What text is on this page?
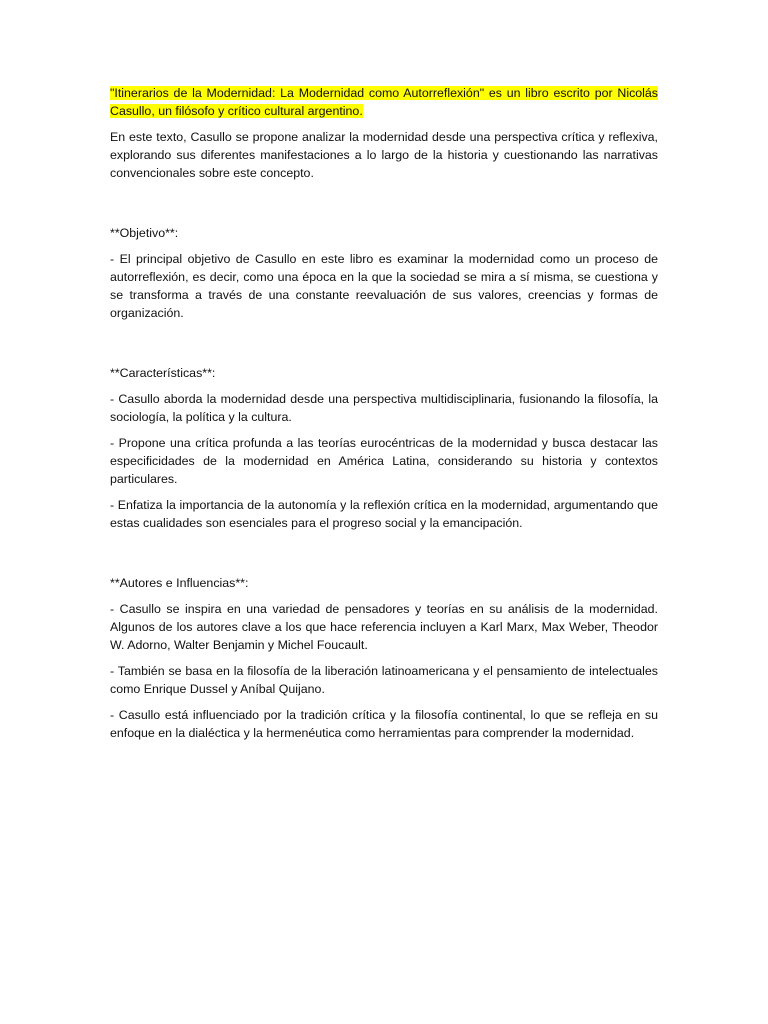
"Itinerarios de la Modernidad: La Modernidad como Autorreflexión" es un libro escrito por Nicolás Casullo, un filósofo y crítico cultural argentino.

En este texto, Casullo se propone analizar la modernidad desde una perspectiva crítica y reflexiva, explorando sus diferentes manifestaciones a lo largo de la historia y cuestionando las narrativas convencionales sobre este concepto.

**Objetivo**:

- El principal objetivo de Casullo en este libro es examinar la modernidad como un proceso de autorreflexión, es decir, como una época en la que la sociedad se mira a sí misma, se cuestiona y se transforma a través de una constante reevaluación de sus valores, creencias y formas de organización.

**Características**:

- Casullo aborda la modernidad desde una perspectiva multidisciplinaria, fusionando la filosofía, la sociología, la política y la cultura.

- Propone una crítica profunda a las teorías eurocéntricas de la modernidad y busca destacar las especificidades de la modernidad en América Latina, considerando su historia y contextos particulares.

- Enfatiza la importancia de la autonomía y la reflexión crítica en la modernidad, argumentando que estas cualidades son esenciales para el progreso social y la emancipación.

**Autores e Influencias**:

- Casullo se inspira en una variedad de pensadores y teorías en su análisis de la modernidad. Algunos de los autores clave a los que hace referencia incluyen a Karl Marx, Max Weber, Theodor W. Adorno, Walter Benjamin y Michel Foucault.

- También se basa en la filosofía de la liberación latinoamericana y el pensamiento de intelectuales como Enrique Dussel y Aníbal Quijano.

- Casullo está influenciado por la tradición crítica y la filosofía continental, lo que se refleja en su enfoque en la dialéctica y la hermenéutica como herramientas para comprender la modernidad.
